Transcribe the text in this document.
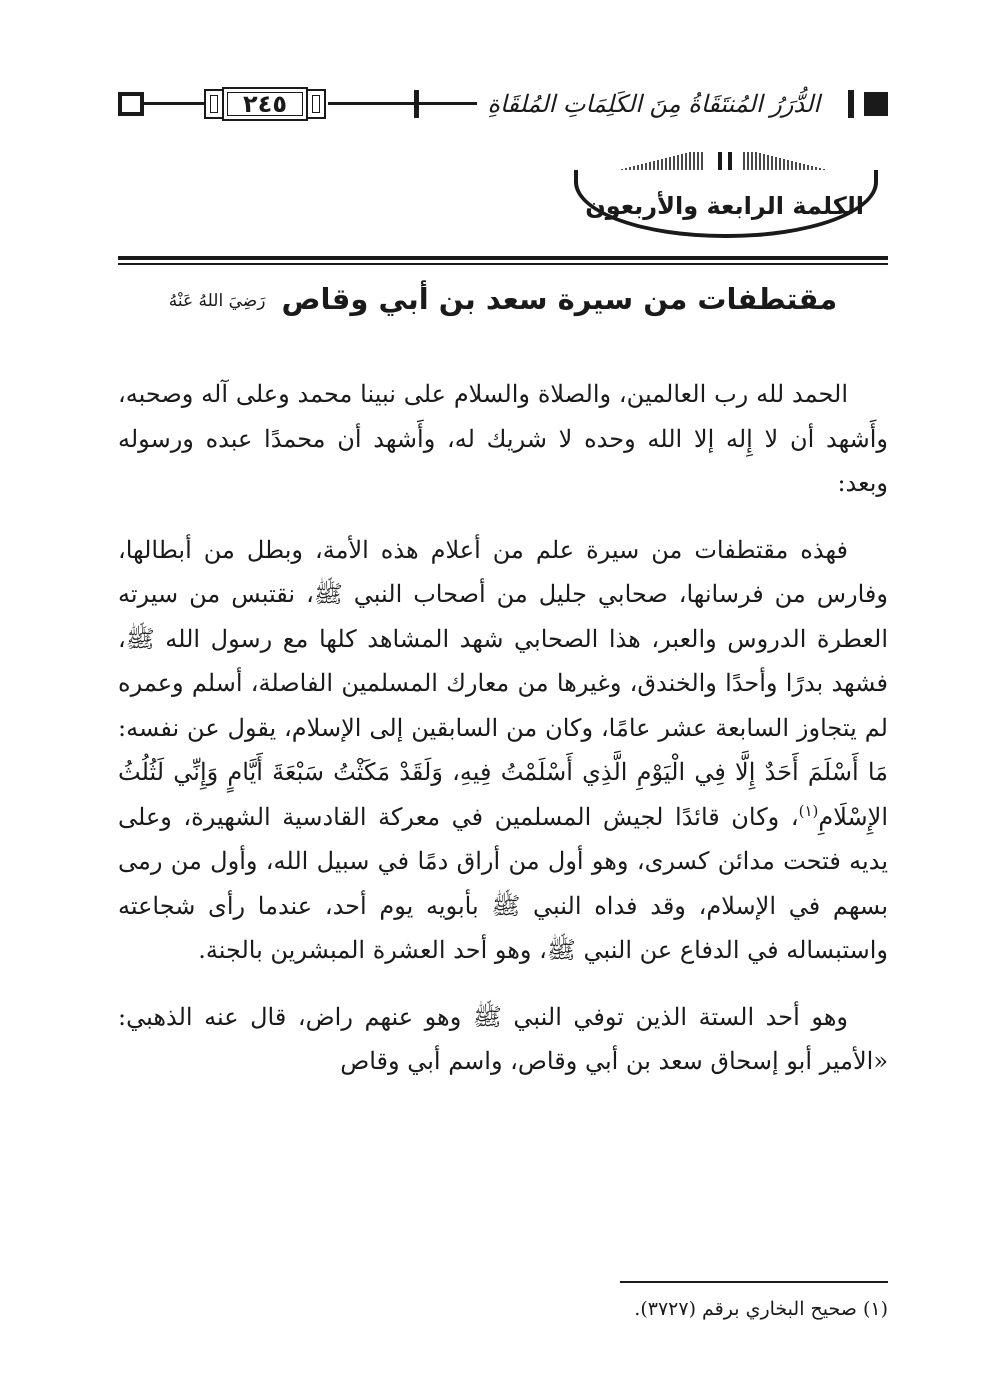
٢٤٥	الدُّرَرُ المُنتَقَاةُ مِنَ الكَلِمَاتِ المُلقَاةِ
الكلمة الرابعة والأربعون
مقتطفات من سيرة سعد بن أبي وقاص رَضِيَ اللهُ عَنْهُ

الحمد لله رب العالمين، والصلاة والسلام على نبينا محمد وعلى آله وصحبه، وأَشهد أن لا إِله إلا الله وحده لا شريك له، وأَشهد أن محمدًا عبده ورسوله وبعد:

فهذه مقتطفات من سيرة علم من أعلام هذه الأمة، وبطل من أبطالها، وفارس من فرسانها، صحابي جليل من أصحاب النبي ﷺ، نقتبس من سيرته العطرة الدروس والعبر، هذا الصحابي شهد المشاهد كلها مع رسول الله ﷺ، فشهد بدرًا وأحدًا والخندق، وغيرها من معارك المسلمين الفاصلة، أسلم وعمره لم يتجاوز السابعة عشر عامًا، وكان من السابقين إلى الإسلام، يقول عن نفسه: مَا أَسْلَمَ أَحَدٌ إِلَّا فِي الْيَوْمِ الَّذِي أَسْلَمْتُ فِيهِ، وَلَقَدْ مَكَثْتُ سَبْعَةَ أَيَّامٍ وَإِنِّي لَثُلُثُ الإِسْلَامِ$^{(١)}$، وكان قائدًا لجيش المسلمين في معركة القادسية الشهيرة، وعلى يديه فتحت مدائن كسرى، وهو أول من أراق دمًا في سبيل الله، وأول من رمى بسهم في الإسلام، وقد فداه النبي ﷺ بأبويه يوم أحد، عندما رأى شجاعته واستبساله في الدفاع عن النبي ﷺ، وهو أحد العشرة المبشرين بالجنة.

وهو أحد الستة الذين توفي النبي ﷺ وهو عنهم راض، قال عنه الذهبي: «الأمير أبو إسحاق سعد بن أبي وقاص، واسم أبي وقاص

(١) صحيح البخاري برقم (٣٧٢٧).
